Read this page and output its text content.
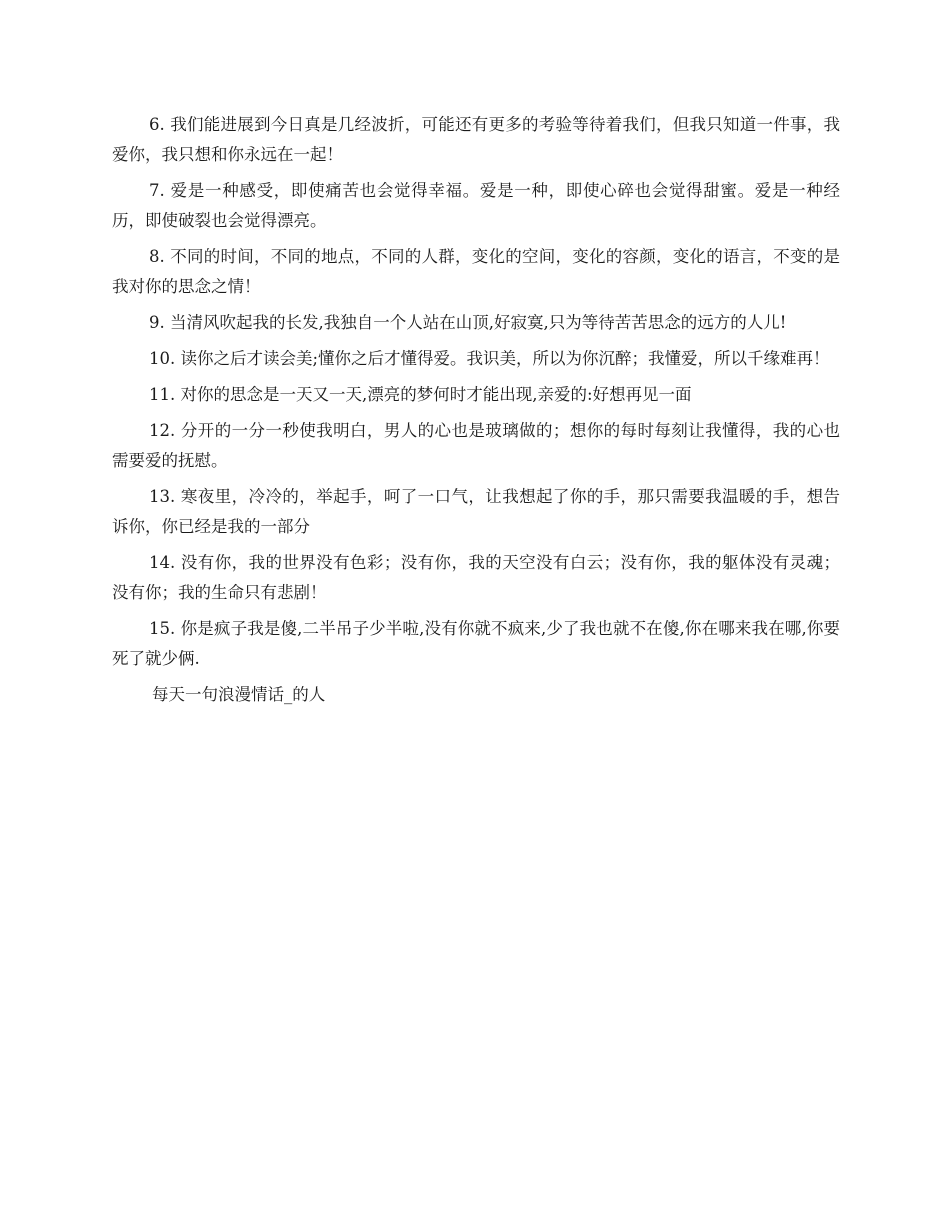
6. 我们能进展到今日真是几经波折，可能还有更多的考验等待着我们，但我只知道一件事，我爱你，我只想和你永远在一起！

7. 爱是一种感受，即使痛苦也会觉得幸福。爱是一种，即使心碎也会觉得甜蜜。爱是一种经历，即使破裂也会觉得漂亮。

8. 不同的时间，不同的地点，不同的人群，变化的空间，变化的容颜，变化的语言，不变的是我对你的思念之情！

9. 当清风吹起我的长发,我独自一个人站在山顶,好寂寞,只为等待苦苦思念的远方的人儿!

10. 读你之后才读会美;懂你之后才懂得爱。我识美，所以为你沉醉；我懂爱，所以千缘难再！

11. 对你的思念是一天又一天,漂亮的梦何时才能出现,亲爱的:好想再见一面

12. 分开的一分一秒使我明白，男人的心也是玻璃做的；想你的每时每刻让我懂得，我的心也需要爱的抚慰。

13. 寒夜里，冷冷的，举起手，呵了一口气，让我想起了你的手，那只需要我温暖的手，想告诉你，你已经是我的一部分

14. 没有你，我的世界没有色彩；没有你，我的天空没有白云；没有你，我的躯体没有灵魂；没有你；我的生命只有悲剧！

15. 你是疯子我是傻,二半吊子少半啦,没有你就不疯来,少了我也就不在傻,你在哪来我在哪,你要死了就少俩.

每天一句浪漫情话_的人
